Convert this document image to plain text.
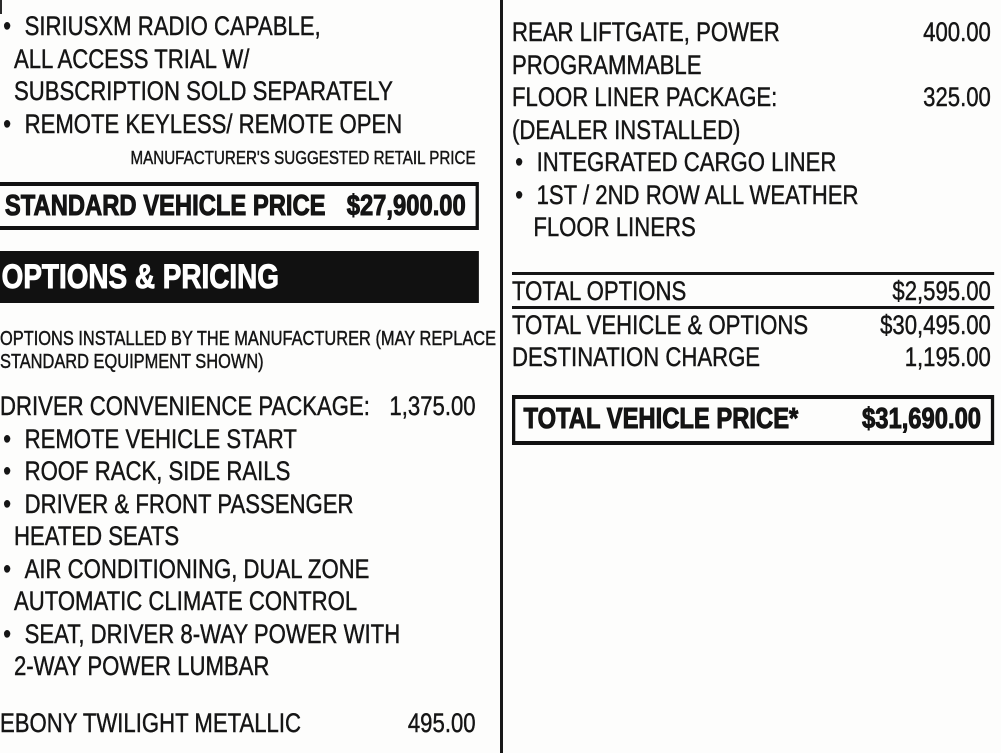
• SIRIUSXM RADIO CAPABLE,
ALL ACCESS TRIAL W/
SUBSCRIPTION SOLD SEPARATELY
• REMOTE KEYLESS/ REMOTE OPEN
MANUFACTURER'S SUGGESTED RETAIL PRICE
STANDARD VEHICLE PRICE $27,900.00
OPTIONS & PRICING
OPTIONS INSTALLED BY THE MANUFACTURER (MAY REPLACE
STANDARD EQUIPMENT SHOWN)
DRIVER CONVENIENCE PACKAGE: 1,375.00
• REMOTE VEHICLE START
• ROOF RACK, SIDE RAILS
• DRIVER & FRONT PASSENGER
HEATED SEATS
• AIR CONDITIONING, DUAL ZONE
AUTOMATIC CLIMATE CONTROL
• SEAT, DRIVER 8-WAY POWER WITH
2-WAY POWER LUMBAR
EBONY TWILIGHT METALLIC	495.00
REAR LIFTGATE, POWER	400.00
PROGRAMMABLE
FLOOR LINER PACKAGE:	325.00
(DEALER INSTALLED)
• INTEGRATED CARGO LINER
• 1ST / 2ND ROW ALL WEATHER
FLOOR LINERS
TOTAL OPTIONS	$2,595.00
TOTAL VEHICLE & OPTIONS	$30,495.00
DESTINATION CHARGE	1,195.00
TOTAL VEHICLE PRICE* $31,690.00
